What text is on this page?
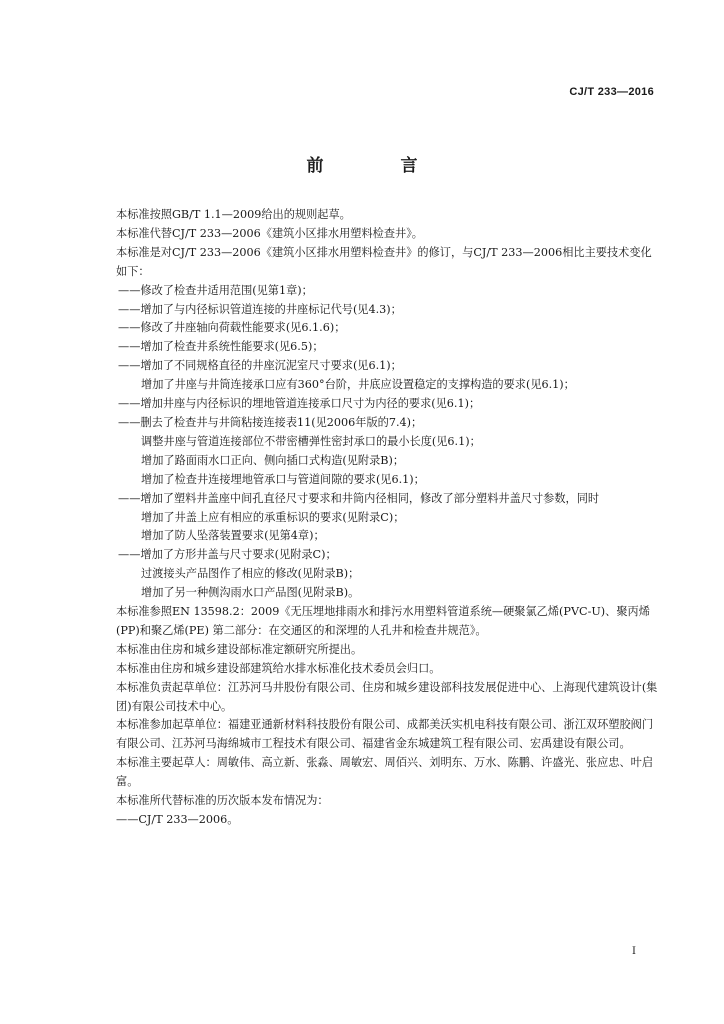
CJ/T 233—2016
前　言

本标准按照GB/T 1.1—2009给出的规则起草。

本标准代替CJ/T 233—2006《建筑小区排水用塑料检查井》。

本标准是对CJ/T 233—2006《建筑小区排水用塑料检查井》的修订，与CJ/T 233—2006相比主要技术变化如下：

——修改了检查井适用范围(见第1章)；

——增加了与内径标识管道连接的井座标记代号(见4.3)；

——修改了井座轴向荷载性能要求(见6.1.6)；

——增加了检查井系统性能要求(见6.5)；

——增加了不同规格直径的井座沉泥室尺寸要求(见6.1)；

增加了井座与井筒连接承口应有360°台阶，井底应设置稳定的支撑构造的要求(见6.1)；

——增加井座与内径标识的埋地管道连接承口尺寸为内径的要求(见6.1)；

——删去了检查井与井筒粘接连接表11(见2006年版的7.4)；

调整井座与管道连接部位不带密槽弹性密封承口的最小长度(见6.1)；

增加了路面雨水口正向、侧向插口式构造(见附录B)；

增加了检查井连接埋地管承口与管道间隙的要求(见6.1)；

——增加了塑料井盖座中间孔直径尺寸要求和井筒内径相同，修改了部分塑料井盖尺寸参数，同时

增加了井盖上应有相应的承重标识的要求(见附录C)；

增加了防人坠落装置要求(见第4章)；

——增加了方形井盖与尺寸要求(见附录C)；

过渡接头产品图作了相应的修改(见附录B)；

增加了另一种侧沟雨水口产品图(见附录B)。

本标准参照EN 13598.2：2009《无压埋地排雨水和排污水用塑料管道系统—硬聚氯乙烯(PVC-U)、聚丙烯(PP)和聚乙烯(PE) 第二部分：在交通区的和深埋的人孔井和检查井规范》。

本标准由住房和城乡建设部标准定额研究所提出。

本标准由住房和城乡建设部建筑给水排水标准化技术委员会归口。

本标准负责起草单位：江苏河马井股份有限公司、住房和城乡建设部科技发展促进中心、上海现代建筑设计(集团)有限公司技术中心。

本标准参加起草单位：福建亚通新材料科技股份有限公司、成都美沃实机电科技有限公司、浙江双环塑胶阀门有限公司、江苏河马海绵城市工程技术有限公司、福建省金东城建筑工程有限公司、宏禹建设有限公司。

本标准主要起草人：周敏伟、高立新、张淼、周敏宏、周佰兴、刘明东、万水、陈鹏、许盛光、张应忠、叶启富。

本标准所代替标准的历次版本发布情况为：

——CJ/T 233—2006。

I
